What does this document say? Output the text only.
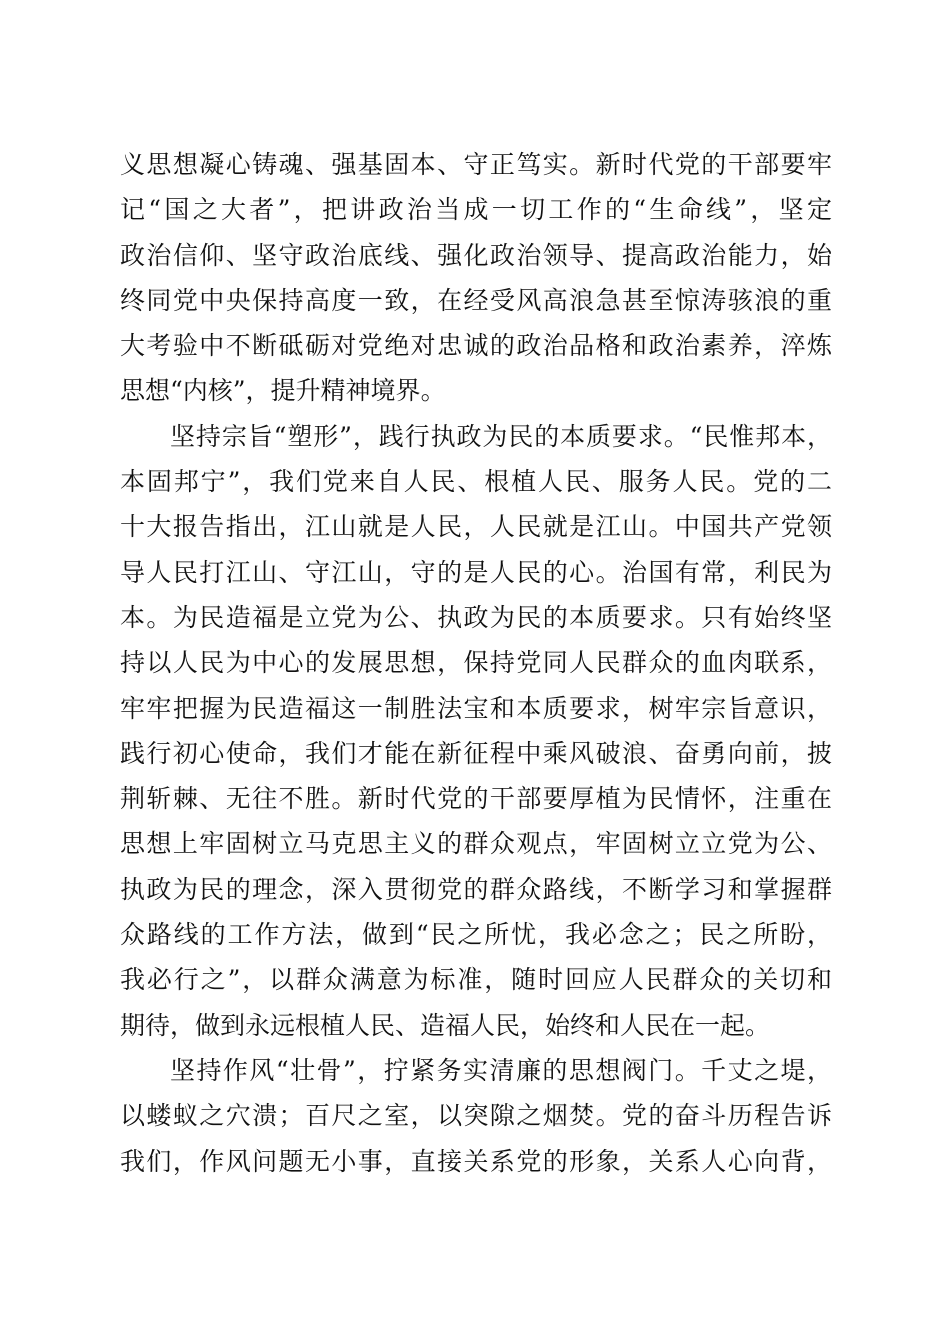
义思想凝心铸魂、强基固本、守正笃实。新时代党的干部要牢
记“国之大者”，把讲政治当成一切工作的“生命线”，坚定
政治信仰、坚守政治底线、强化政治领导、提高政治能力，始
终同党中央保持高度一致，在经受风高浪急甚至惊涛骇浪的重
大考验中不断砥砺对党绝对忠诚的政治品格和政治素养，淬炼
思想“内核”，提升精神境界。
坚持宗旨“塑形”，践行执政为民的本质要求。“民惟邦本，
本固邦宁”，我们党来自人民、根植人民、服务人民。党的二
十大报告指出，江山就是人民，人民就是江山。中国共产党领
导人民打江山、守江山，守的是人民的心。治国有常，利民为
本。为民造福是立党为公、执政为民的本质要求。只有始终坚
持以人民为中心的发展思想，保持党同人民群众的血肉联系，
牢牢把握为民造福这一制胜法宝和本质要求，树牢宗旨意识，
践行初心使命，我们才能在新征程中乘风破浪、奋勇向前，披
荆斩棘、无往不胜。新时代党的干部要厚植为民情怀，注重在
思想上牢固树立马克思主义的群众观点，牢固树立立党为公、
执政为民的理念，深入贯彻党的群众路线，不断学习和掌握群
众路线的工作方法，做到“民之所忧，我必念之；民之所盼，
我必行之”，以群众满意为标准，随时回应人民群众的关切和
期待，做到永远根植人民、造福人民，始终和人民在一起。
坚持作风“壮骨”，拧紧务实清廉的思想阀门。千丈之堤，
以蝼蚁之穴溃；百尺之室，以突隙之烟焚。党的奋斗历程告诉
我们，作风问题无小事，直接关系党的形象，关系人心向背，
